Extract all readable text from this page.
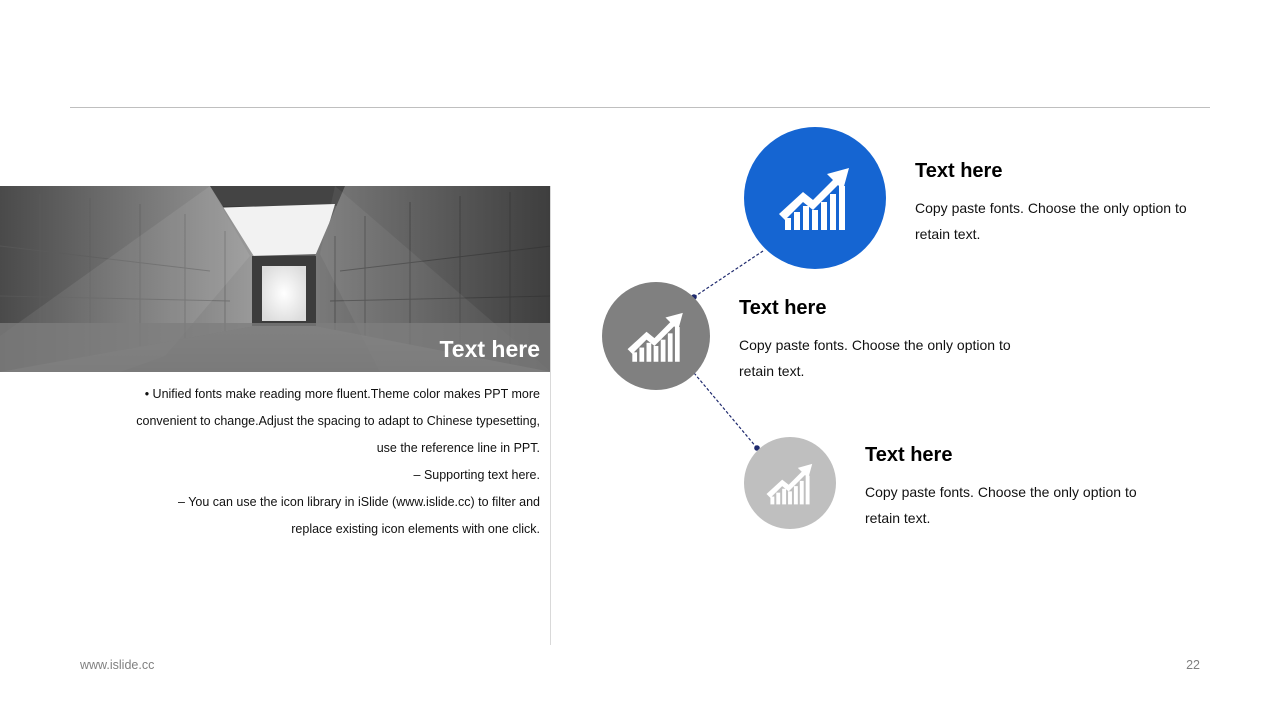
Text here
• Unified fonts make reading more fluent.Theme color makes PPT more
convenient to change.Adjust the spacing to adapt to Chinese typesetting,
use the reference line in PPT.
– Supporting text here.
– You can use the icon library in iSlide (www.islide.cc) to filter and
replace existing icon elements with one click.
Text here
Copy paste fonts. Choose the only option to
retain text.
Text here
Copy paste fonts. Choose the only option to
retain text.
Text here
Copy paste fonts. Choose the only option to
retain text.
www.islide.cc	22
